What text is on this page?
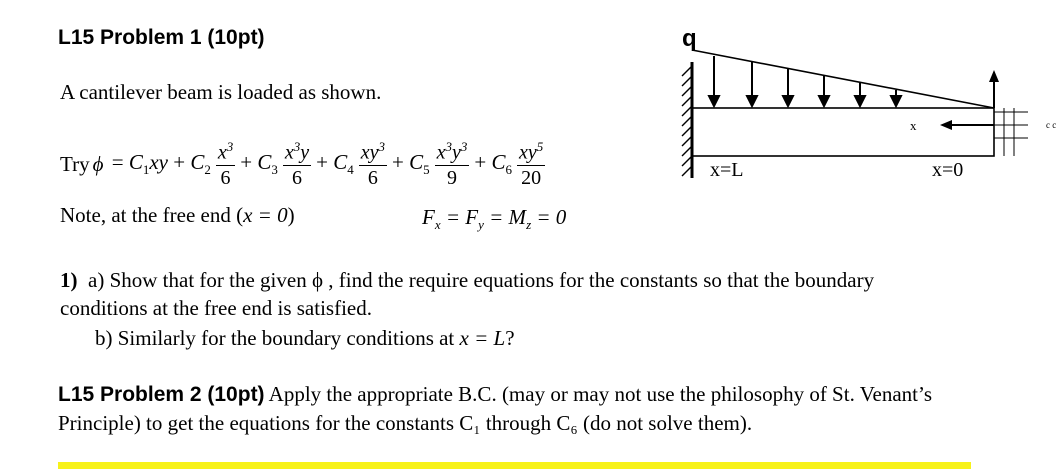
L15 Problem 1 (10pt)
A cantilever beam is loaded as shown.
Try $\phi = C_1xy + C_2 \frac{x^3}{6} + C_3 \frac{x^3y}{6} + C_4 \frac{xy^3}{6} + C_5 \frac{x^3y^3}{9} + C_6 \frac{xy^5}{20}$
Note, at the free end (x = 0)	$F_x = F_y = M_z = 0$
1) a) Show that for the given ϕ , find the require equations for the constants so that the boundary conditions at the free end is satisfied.
b) Similarly for the boundary conditions at x = L?
L15 Problem 2 (10pt) Apply the appropriate B.C. (may or may not use the philosophy of St. Venant’s Principle) to get the equations for the constants C₁ through C₆ (do not solve them).
q
x
x=L	x=0
c c
